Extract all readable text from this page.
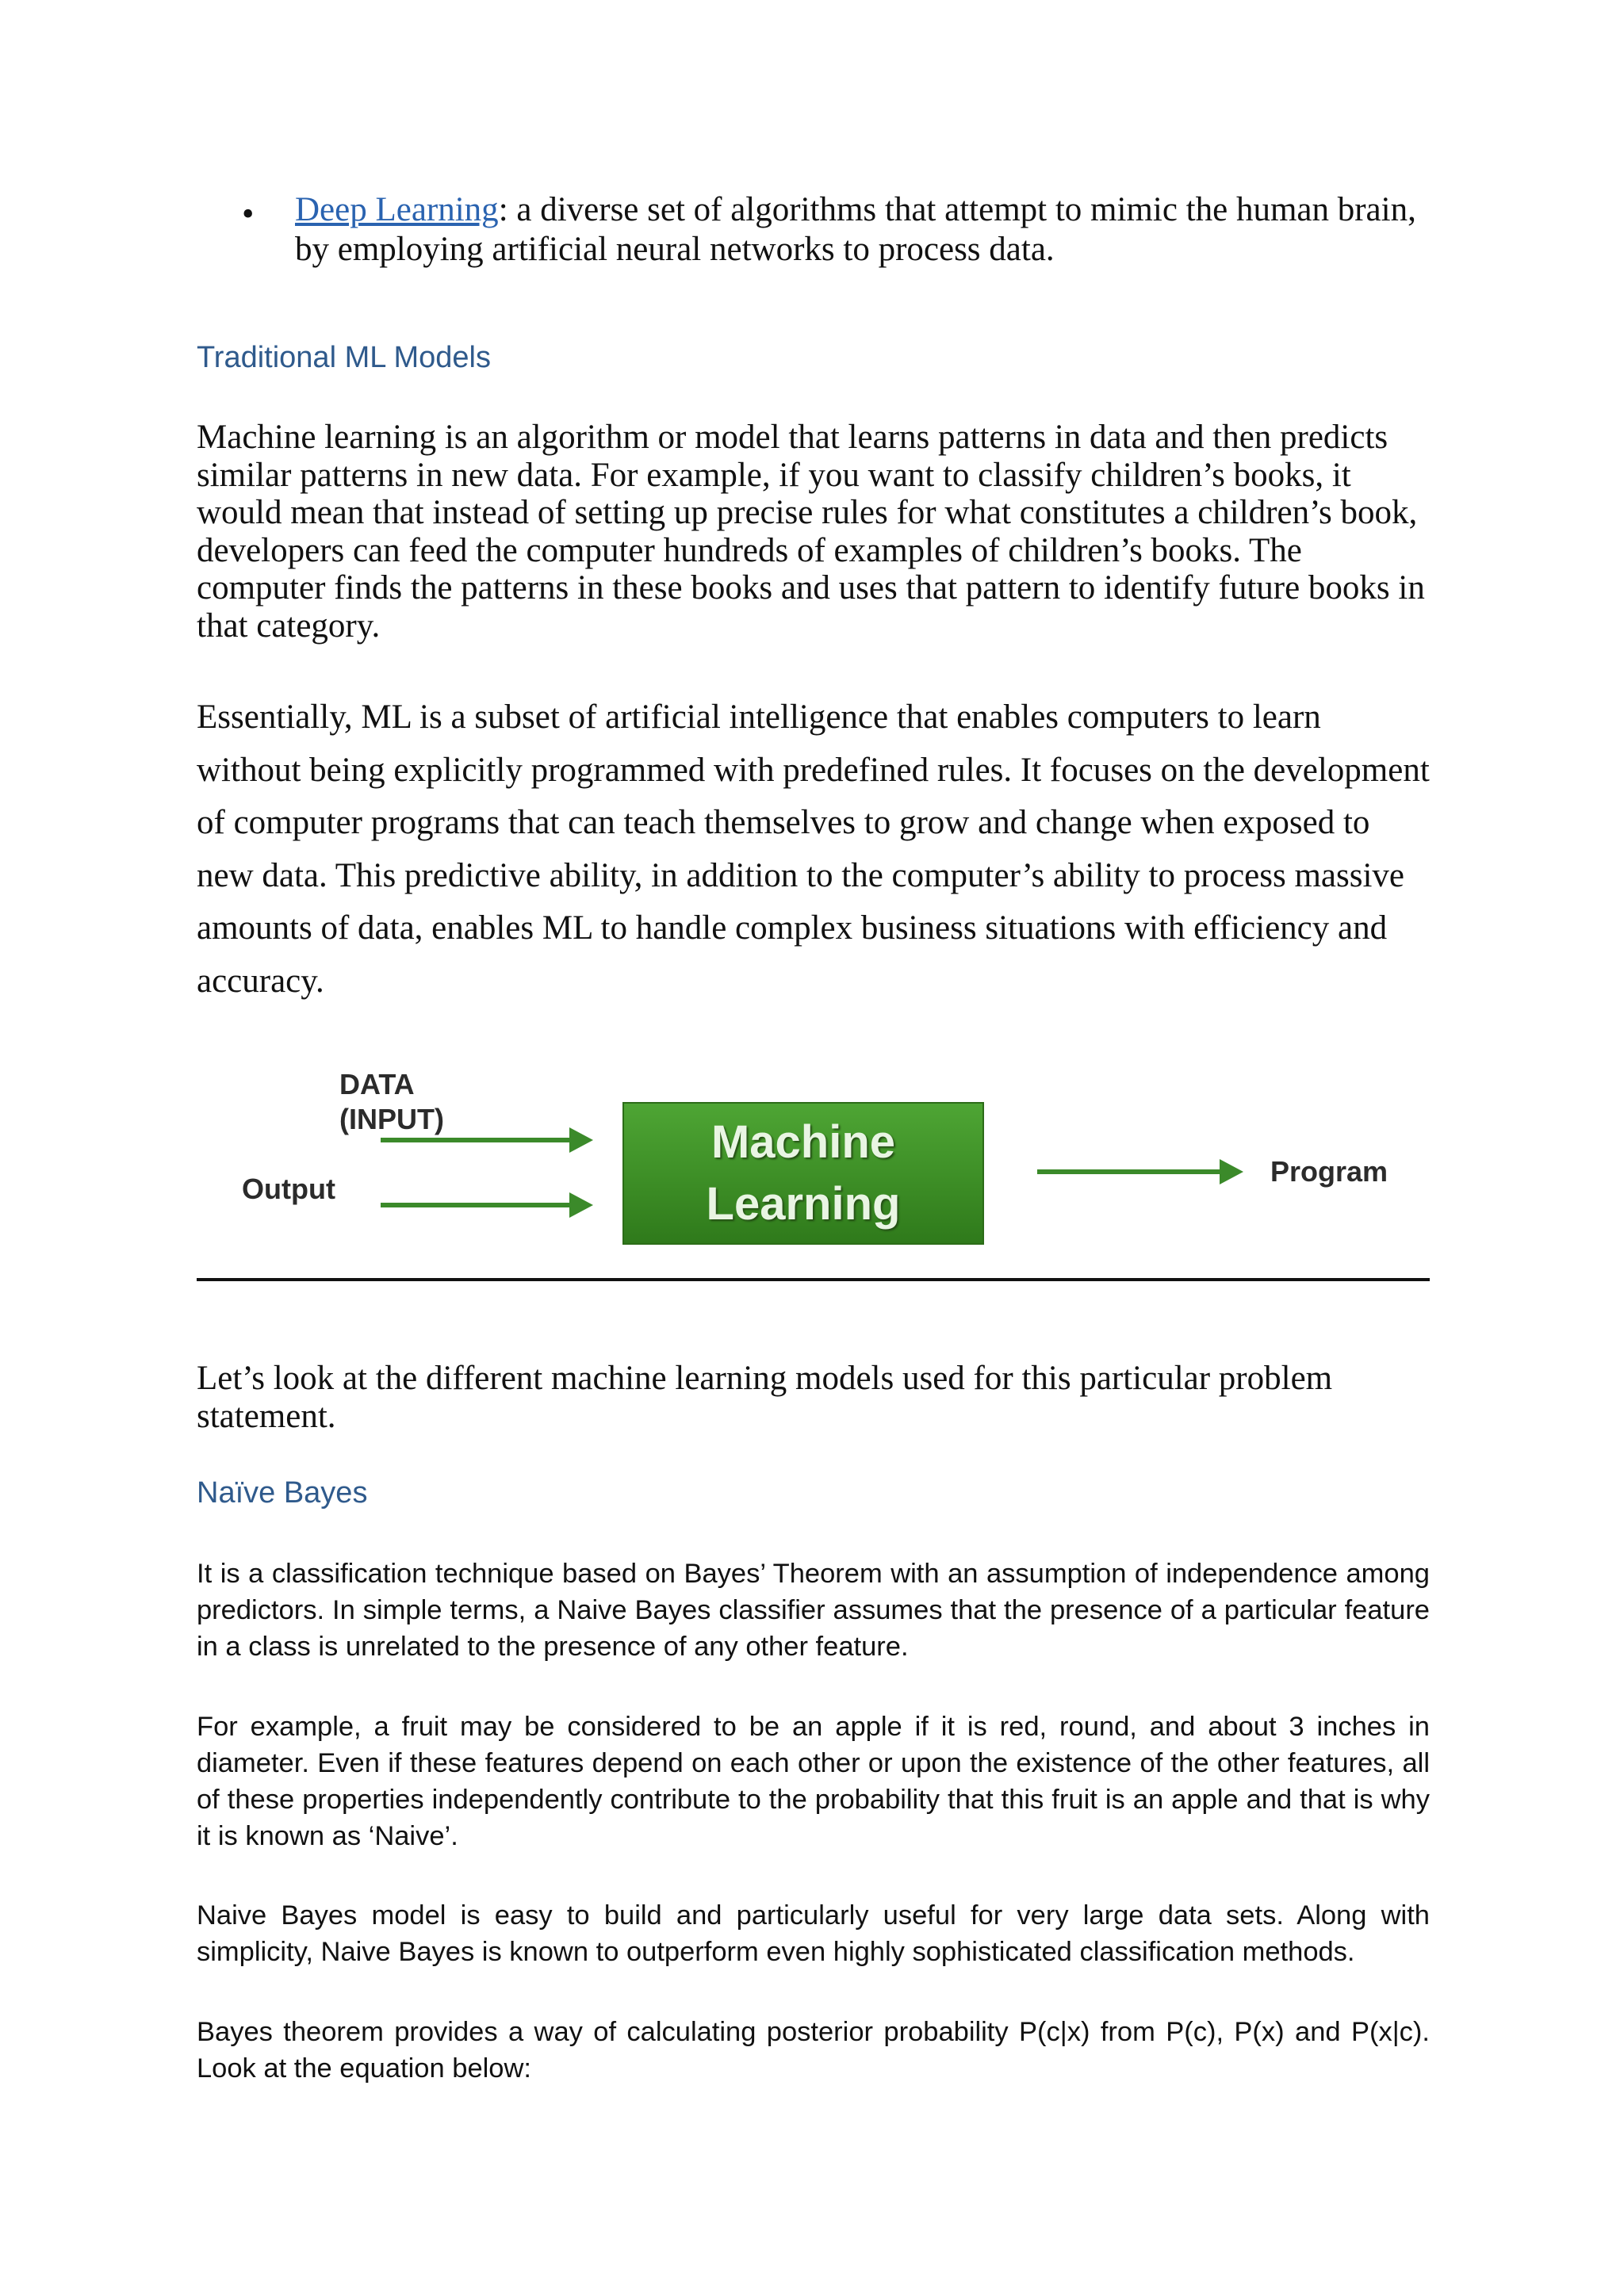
• Deep Learning: a diverse set of algorithms that attempt to mimic the human brain, by employing artificial neural networks to process data.
Traditional ML Models

Machine learning is an algorithm or model that learns patterns in data and then predicts similar patterns in new data. For example, if you want to classify children’s books, it would mean that instead of setting up precise rules for what constitutes a children’s book, developers can feed the computer hundreds of examples of children’s books. The computer finds the patterns in these books and uses that pattern to identify future books in that category.

Essentially, ML is a subset of artificial intelligence that enables computers to learn without being explicitly programmed with predefined rules. It focuses on the development of computer programs that can teach themselves to grow and change when exposed to new data. This predictive ability, in addition to the computer’s ability to process massive amounts of data, enables ML to handle complex business situations with efficiency and accuracy.

DATA
(INPUT)
Output
Machine
Learning
Program

Let’s look at the different machine learning models used for this particular problem statement.

Naïve Bayes

It is a classification technique based on Bayes’ Theorem with an assumption of independence among predictors. In simple terms, a Naive Bayes classifier assumes that the presence of a particular feature in a class is unrelated to the presence of any other feature.

For example, a fruit may be considered to be an apple if it is red, round, and about 3 inches in diameter. Even if these features depend on each other or upon the existence of the other features, all of these properties independently contribute to the probability that this fruit is an apple and that is why it is known as ‘Naive’.

Naive Bayes model is easy to build and particularly useful for very large data sets. Along with simplicity, Naive Bayes is known to outperform even highly sophisticated classification methods.

Bayes theorem provides a way of calculating posterior probability P(c|x) from P(c), P(x) and P(x|c). Look at the equation below:
